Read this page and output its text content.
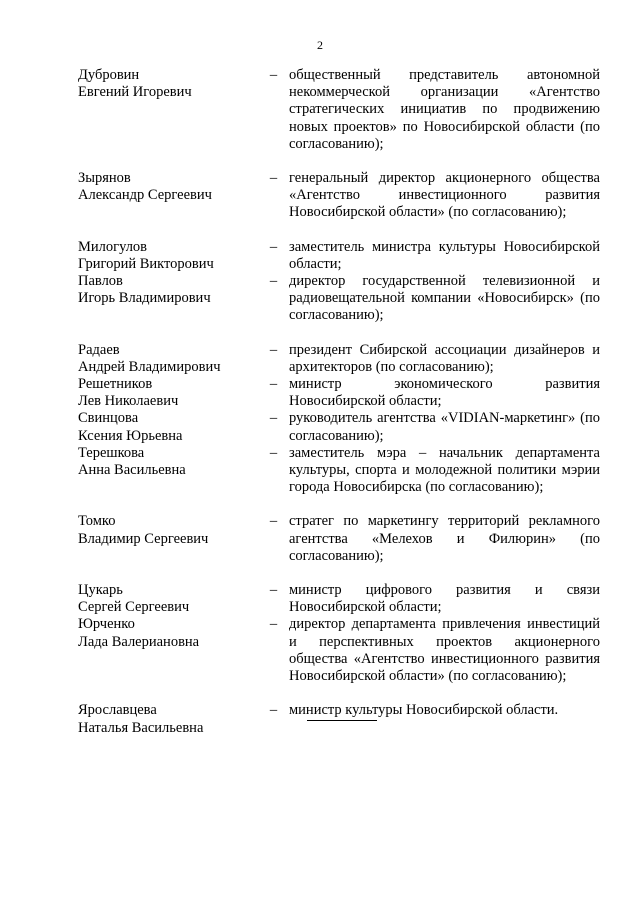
2
Дубровин
Евгений Игоревич
– общественный представитель автономной некоммерческой организации «Агентство стратегических инициатив по продвижению новых проектов» по Новосибирской области (по согласованию);
Зырянов
Александр Сергеевич
– генеральный директор акционерного общества «Агентство инвестиционного развития Новосибирской области» (по согласованию);
Милогулов
Григорий Викторович
– заместитель министра культуры Новосибирской области;
Павлов
Игорь Владимирович
– директор государственной телевизионной и радиовещательной компании «Новосибирск» (по согласованию);
Радаев
Андрей Владимирович
– президент Сибирской ассоциации дизайнеров и архитекторов (по согласованию);
Решетников
Лев Николаевич
– министр экономического развития Новосибирской области;
Свинцова
Ксения Юрьевна
– руководитель агентства «VIDIAN-маркетинг» (по согласованию);
Терешкова
Анна Васильевна
– заместитель мэра – начальник департамента культуры, спорта и молодежной политики мэрии города Новосибирска (по согласованию);
Томко
Владимир Сергеевич
– стратег по маркетингу территорий рекламного агентства «Мелехов и Филюрин» (по согласованию);
Цукарь
Сергей Сергеевич
– министр цифрового развития и связи Новосибирской области;
Юрченко
Лада Валериановна
– директор департамента привлечения инвестиций и перспективных проектов акционерного общества «Агентство инвестиционного развития Новосибирской области» (по согласованию);
Ярославцева
Наталья Васильевна
– министр культуры Новосибирской области.
